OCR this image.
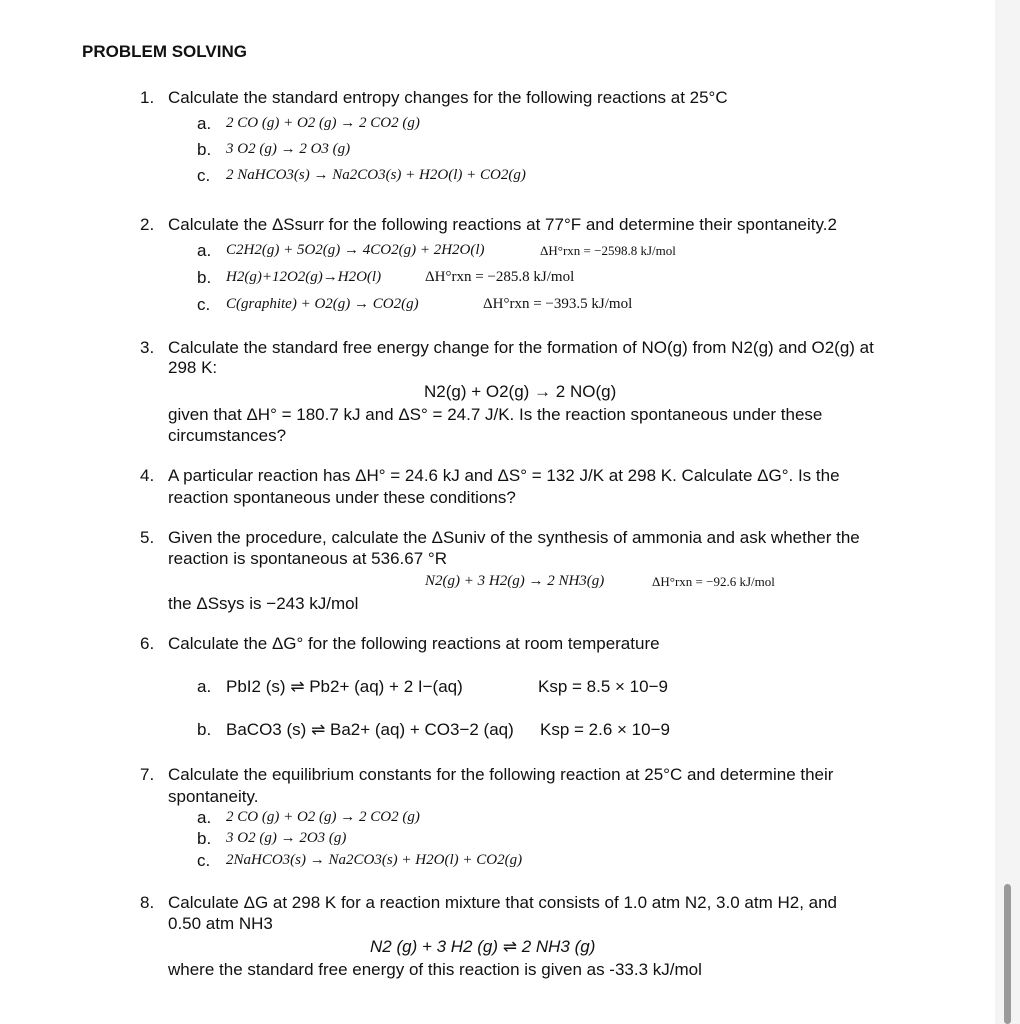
PROBLEM SOLVING
1. Calculate the standard entropy changes for the following reactions at 25°C
a. 2 CO (g) + O2 (g) → 2 CO2 (g)
b. 3 O2 (g) → 2 O3 (g)
c. 2 NaHCO3(s) → Na2CO3(s) + H2O(l) + CO2(g)
2. Calculate the ΔSsurr for the following reactions at 77°F and determine their spontaneity.2
a. C2H2(g) + 5O2(g) → 4CO2(g) + 2H2O(l)	ΔH°rxn = −2598.8 kJ/mol
b. H2(g)+12O2(g)→H2O(l)	ΔH°rxn = −285.8 kJ/mol
c. C(graphite) + O2(g) → CO2(g)	ΔH°rxn = −393.5 kJ/mol
3. Calculate the standard free energy change for the formation of NO(g) from N2(g) and O2(g) at
298 K:
N2(g) + O2(g) → 2 NO(g)
given that ΔH° = 180.7 kJ and ΔS° = 24.7 J/K. Is the reaction spontaneous under these
circumstances?
4. A particular reaction has ΔH° = 24.6 kJ and ΔS° = 132 J/K at 298 K. Calculate ΔG°. Is the
reaction spontaneous under these conditions?
5. Given the procedure, calculate the ΔSuniv of the synthesis of ammonia and ask whether the
reaction is spontaneous at 536.67 °R
N2(g) + 3 H2(g) → 2 NH3(g)	ΔH°rxn = −92.6 kJ/mol
the ΔSsys is −243 kJ/mol
6. Calculate the ΔG° for the following reactions at room temperature
a. PbI2 (s) ⇌ Pb2+ (aq) + 2 I−(aq)	Ksp = 8.5 × 10−9
b. BaCO3 (s) ⇌ Ba2+ (aq) + CO3−2 (aq) Ksp = 2.6 × 10−9
7. Calculate the equilibrium constants for the following reaction at 25°C and determine their
spontaneity.
a. 2 CO (g) + O2 (g) → 2 CO2 (g)
b. 3 O2 (g) → 2O3 (g)
c. 2NaHCO3(s) → Na2CO3(s) + H2O(l) + CO2(g)
8. Calculate ΔG at 298 K for a reaction mixture that consists of 1.0 atm N2, 3.0 atm H2, and
0.50 atm NH3
N2 (g) + 3 H2 (g) ⇌ 2 NH3 (g)
where the standard free energy of this reaction is given as -33.3 kJ/mol
